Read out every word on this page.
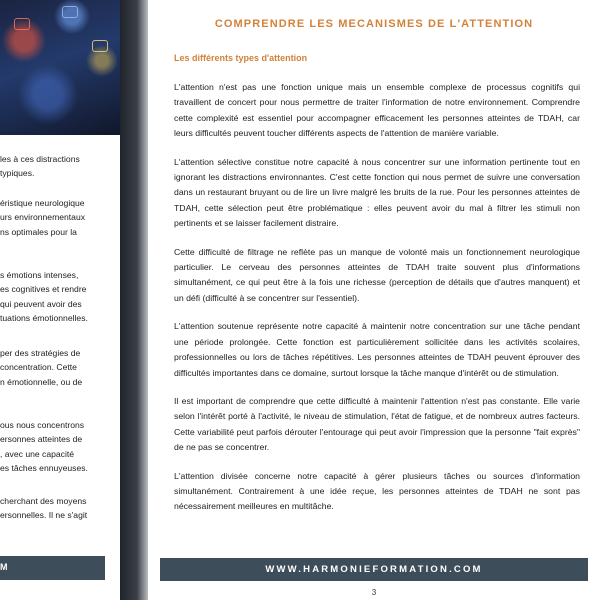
les à ces distractions
typiques.
éristique neurologique
urs environnementaux
ns optimales pour la
s émotions intenses,
es cognitives et rendre
qui peuvent avoir des
tuations émotionnelles.
per des stratégies de
concentration. Cette
n émotionnelle, ou de
ous nous concentrons
ersonnes atteintes de
, avec une capacité
es tâches ennuyeuses.
cherchant des moyens
ersonnelles. Il ne s'agit
M
COMPRENDRE LES MECANISMES DE L'ATTENTION
Les différents types d'attention

L'attention n'est pas une fonction unique mais un ensemble complexe de processus cognitifs qui travaillent de concert pour nous permettre de traiter l'information de notre environnement. Comprendre cette complexité est essentiel pour accompagner efficacement les personnes atteintes de TDAH, car leurs difficultés peuvent toucher différents aspects de l'attention de manière variable.

L'attention sélective constitue notre capacité à nous concentrer sur une information pertinente tout en ignorant les distractions environnantes. C'est cette fonction qui nous permet de suivre une conversation dans un restaurant bruyant ou de lire un livre malgré les bruits de la rue. Pour les personnes atteintes de TDAH, cette sélection peut être problématique : elles peuvent avoir du mal à filtrer les stimuli non pertinents et se laisser facilement distraire.

Cette difficulté de filtrage ne reflète pas un manque de volonté mais un fonctionnement neurologique particulier. Le cerveau des personnes atteintes de TDAH traite souvent plus d'informations simultanément, ce qui peut être à la fois une richesse (perception de détails que d'autres manquent) et un défi (difficulté à se concentrer sur l'essentiel).

L'attention soutenue représente notre capacité à maintenir notre concentration sur une tâche pendant une période prolongée. Cette fonction est particulièrement sollicitée dans les activités scolaires, professionnelles ou lors de tâches répétitives. Les personnes atteintes de TDAH peuvent éprouver des difficultés importantes dans ce domaine, surtout lorsque la tâche manque d'intérêt ou de stimulation.

Il est important de comprendre que cette difficulté à maintenir l'attention n'est pas constante. Elle varie selon l'intérêt porté à l'activité, le niveau de stimulation, l'état de fatigue, et de nombreux autres facteurs. Cette variabilité peut parfois dérouter l'entourage qui peut avoir l'impression que la personne "fait exprès" de ne pas se concentrer.

L'attention divisée concerne notre capacité à gérer plusieurs tâches ou sources d'information simultanément. Contrairement à une idée reçue, les personnes atteintes de TDAH ne sont pas nécessairement meilleures en multitâche.

WWW.HARMONIEFORMATION.COM
3
